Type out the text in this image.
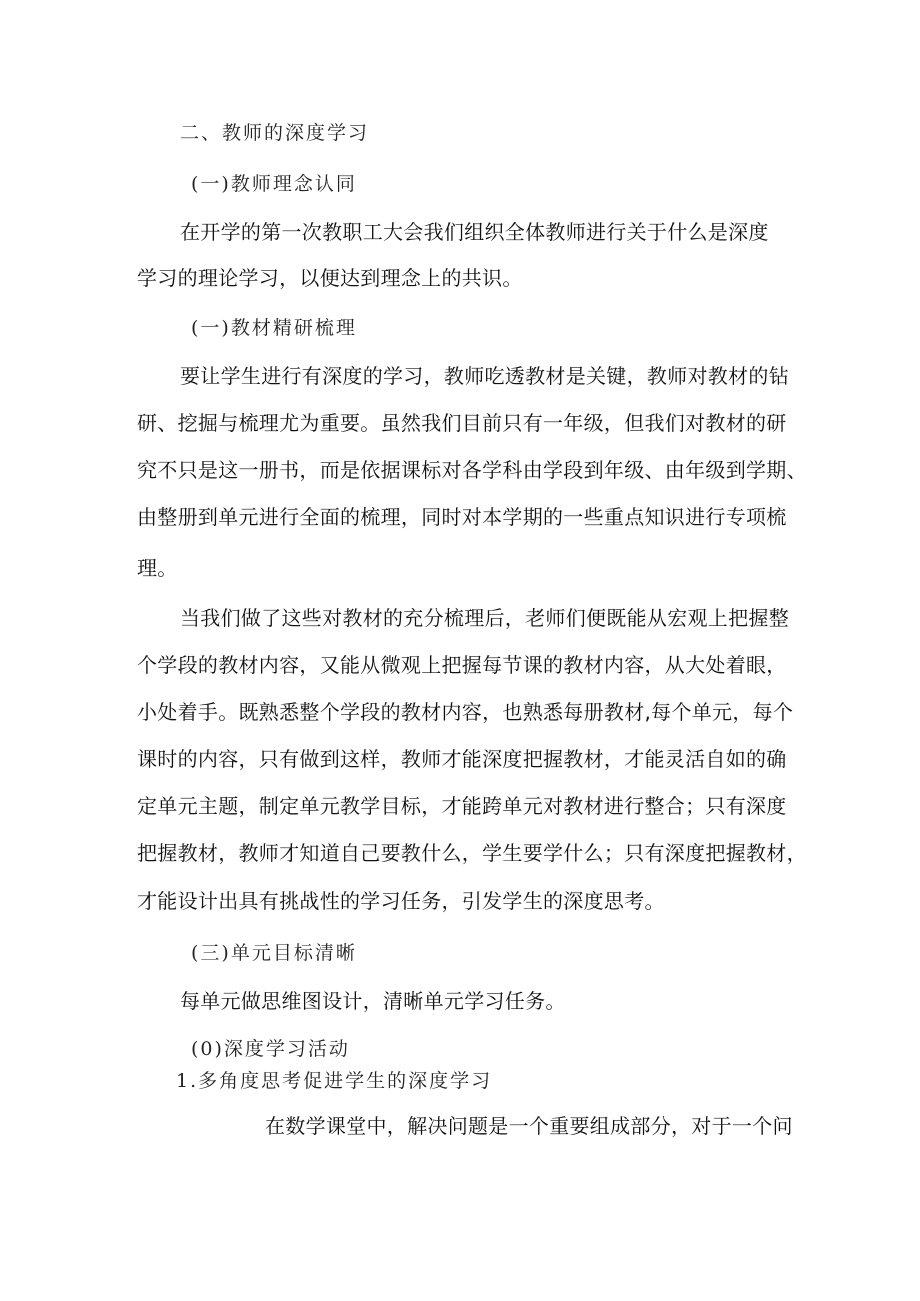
二、教师的深度学习

(一)教师理念认同

在开学的第一次教职工大会我们组织全体教师进行关于什么是深度

学习的理论学习，以便达到理念上的共识。

(一)教材精研梳理

要让学生进行有深度的学习，教师吃透教材是关键，教师对教材的钻

研、挖掘与梳理尤为重要。虽然我们目前只有一年级，但我们对教材的研

究不只是这一册书，而是依据课标对各学科由学段到年级、由年级到学期、

由整册到单元进行全面的梳理，同时对本学期的一些重点知识进行专项梳

理。

当我们做了这些对教材的充分梳理后，老师们便既能从宏观上把握整

个学段的教材内容，又能从微观上把握每节课的教材内容，从大处着眼，

小处着手。既熟悉整个学段的教材内容，也熟悉每册教材,每个单元，每个

课时的内容，只有做到这样，教师才能深度把握教材，才能灵活自如的确

定单元主题，制定单元教学目标，才能跨单元对教材进行整合；只有深度

把握教材，教师才知道自己要教什么，学生要学什么；只有深度把握教材，

才能设计出具有挑战性的学习任务，引发学生的深度思考。

(三)单元目标清晰

每单元做思维图设计，清晰单元学习任务。

(0)深度学习活动

1.多角度思考促进学生的深度学习

在数学课堂中，解决问题是一个重要组成部分，对于一个问
